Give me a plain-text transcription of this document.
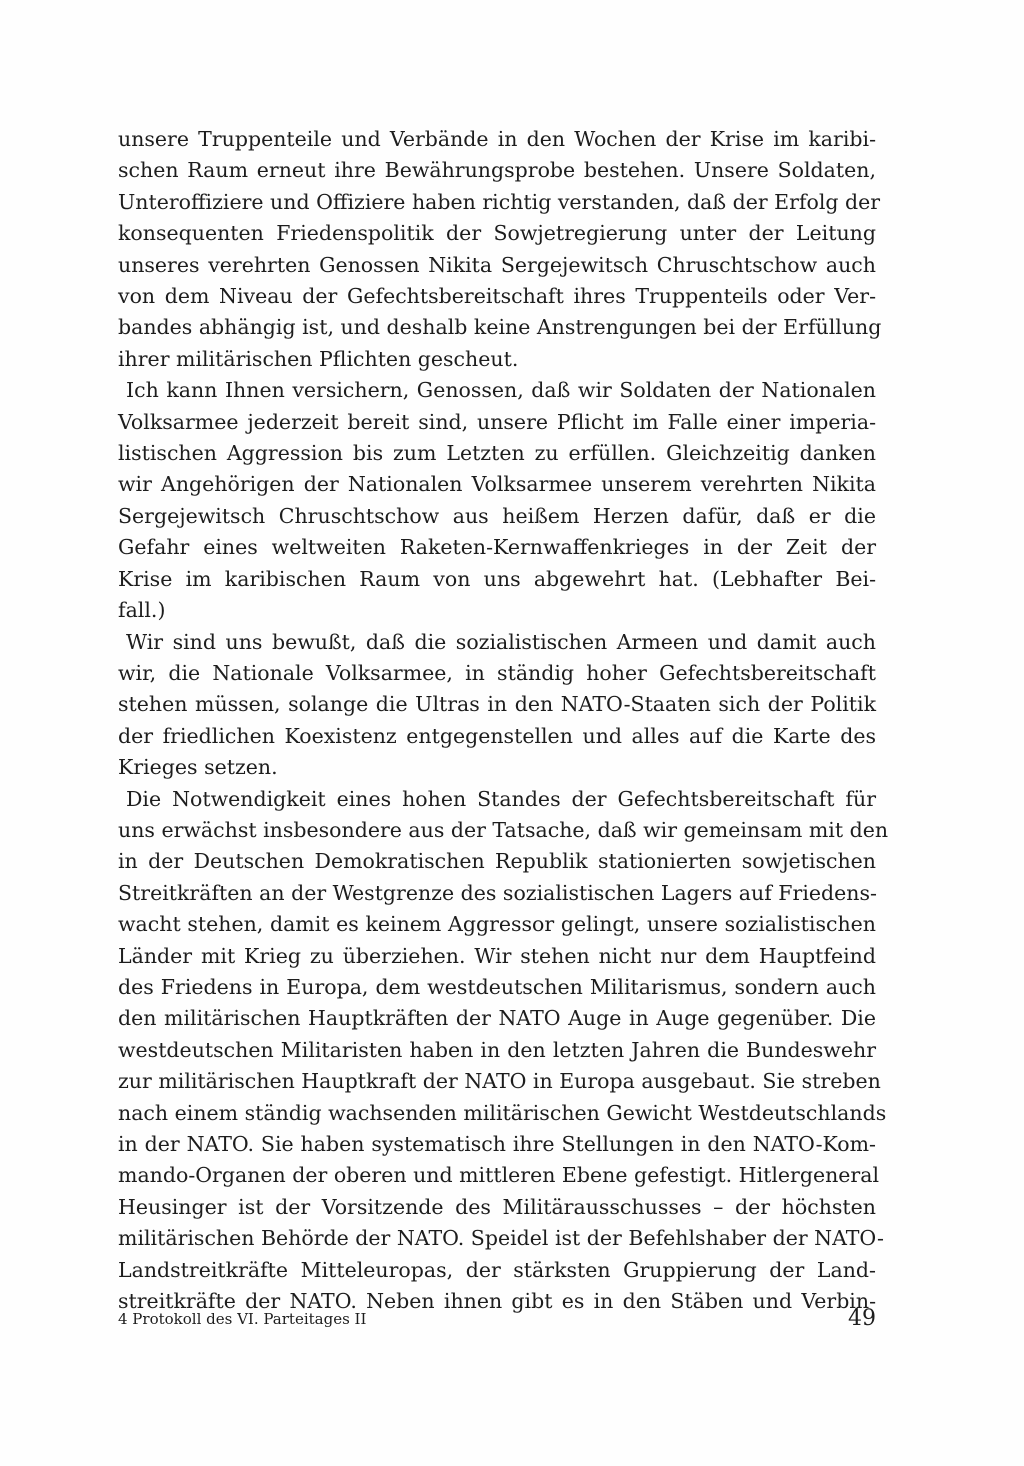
unsere Truppenteile und Verbände in den Wochen der Krise im karibi-
schen Raum erneut ihre Bewährungsprobe bestehen. Unsere Soldaten,
Unteroffiziere und Offiziere haben richtig verstanden, daß der Erfolg der
konsequenten Friedenspolitik der Sowjetregierung unter der Leitung
unseres verehrten Genossen Nikita Sergejewitsch Chruschtschow auch
von dem Niveau der Gefechtsbereitschaft ihres Truppenteils oder Ver-
bandes abhängig ist, und deshalb keine Anstrengungen bei der Erfüllung
ihrer militärischen Pflichten gescheut.

Ich kann Ihnen versichern, Genossen, daß wir Soldaten der Nationalen
Volksarmee jederzeit bereit sind, unsere Pflicht im Falle einer imperia-
listischen Aggression bis zum Letzten zu erfüllen. Gleichzeitig danken
wir Angehörigen der Nationalen Volksarmee unserem verehrten Nikita
Sergejewitsch Chruschtschow aus heißem Herzen dafür, daß er die
Gefahr eines weltweiten Raketen-Kernwaffenkrieges in der Zeit der
Krise im karibischen Raum von uns abgewehrt hat. (Lebhafter Bei-
fall.)

Wir sind uns bewußt, daß die sozialistischen Armeen und damit auch
wir, die Nationale Volksarmee, in ständig hoher Gefechtsbereitschaft
stehen müssen, solange die Ultras in den NATO-Staaten sich der Politik
der friedlichen Koexistenz entgegenstellen und alles auf die Karte des
Krieges setzen.

Die Notwendigkeit eines hohen Standes der Gefechtsbereitschaft für
uns erwächst insbesondere aus der Tatsache, daß wir gemeinsam mit den
in der Deutschen Demokratischen Republik stationierten sowjetischen
Streitkräften an der Westgrenze des sozialistischen Lagers auf Friedens-
wacht stehen, damit es keinem Aggressor gelingt, unsere sozialistischen
Länder mit Krieg zu überziehen. Wir stehen nicht nur dem Hauptfeind
des Friedens in Europa, dem westdeutschen Militarismus, sondern auch
den militärischen Hauptkräften der NATO Auge in Auge gegenüber. Die
westdeutschen Militaristen haben in den letzten Jahren die Bundeswehr
zur militärischen Hauptkraft der NATO in Europa ausgebaut. Sie streben
nach einem ständig wachsenden militärischen Gewicht Westdeutschlands
in der NATO. Sie haben systematisch ihre Stellungen in den NATO-Kom-
mando-Organen der oberen und mittleren Ebene gefestigt. Hitlergeneral
Heusinger ist der Vorsitzende des Militärausschusses – der höchsten
militärischen Behörde der NATO. Speidel ist der Befehlshaber der NATO-
Landstreitkräfte Mitteleuropas, der stärksten Gruppierung der Land-
streitkräfte der NATO. Neben ihnen gibt es in den Stäben und Verbin-

4 Protokoll des VI. Parteitages II	49
